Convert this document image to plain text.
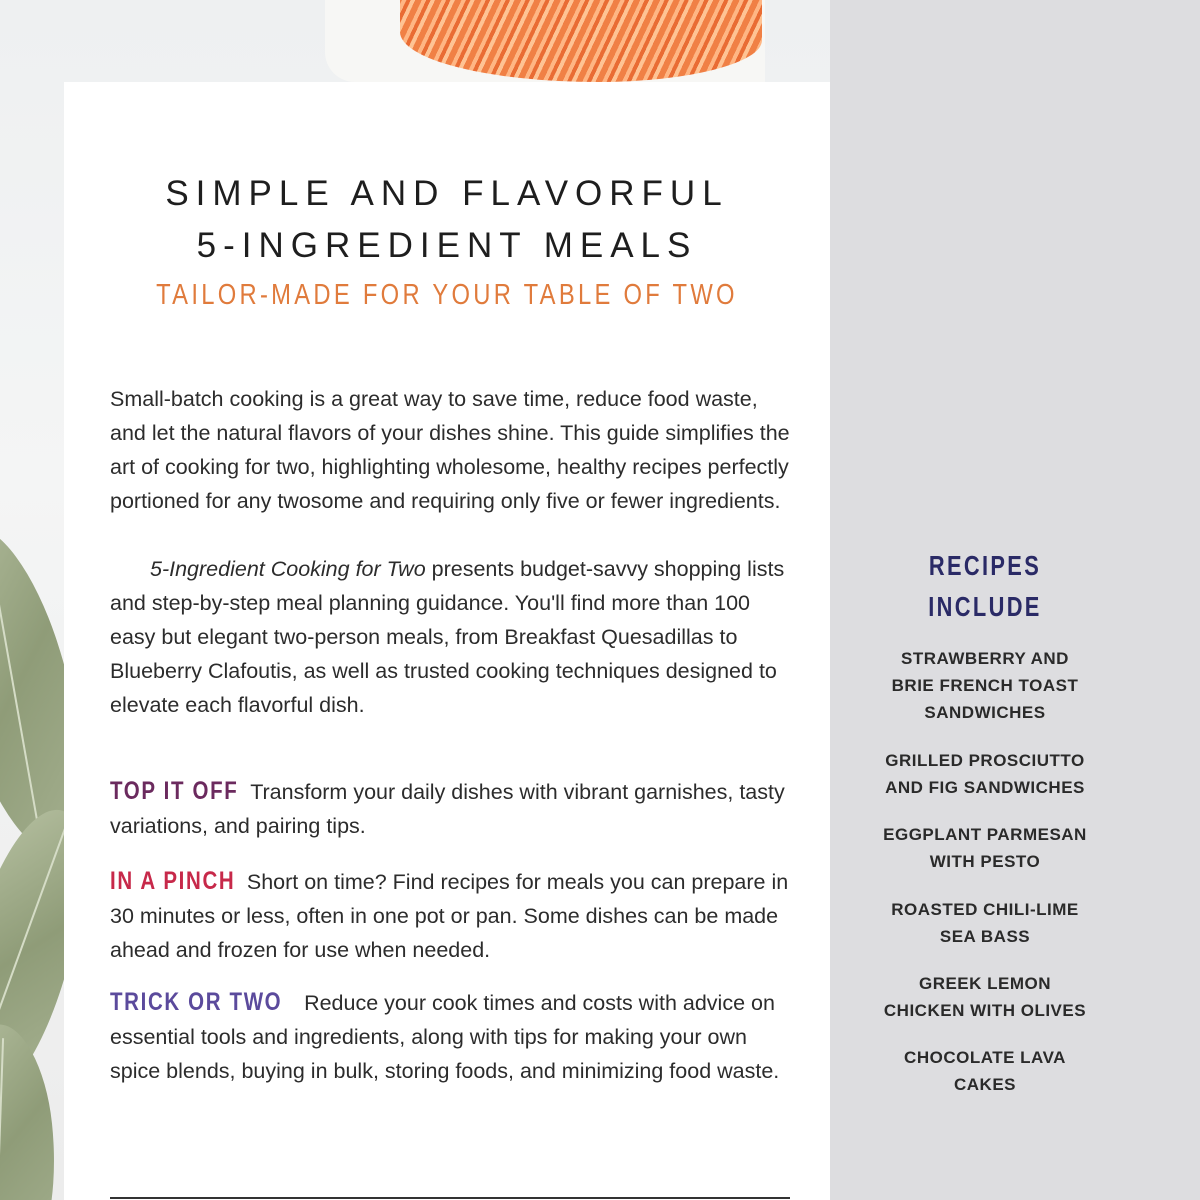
SIMPLE AND FLAVORFUL
5-INGREDIENT MEALS
TAILOR-MADE FOR YOUR TABLE OF TWO
Small-batch cooking is a great way to save time, reduce food waste, and let the natural flavors of your dishes shine. This guide simplifies the art of cooking for two, highlighting wholesome, healthy recipes perfectly portioned for any twosome and requiring only five or fewer ingredients.
5-Ingredient Cooking for Two presents budget-savvy shopping lists and step-by-step meal planning guidance. You'll find more than 100 easy but elegant two-person meals, from Breakfast Quesadillas to Blueberry Clafoutis, as well as trusted cooking techniques designed to elevate each flavorful dish.
TOP IT OFF Transform your daily dishes with vibrant garnishes, tasty variations, and pairing tips.
IN A PINCH Short on time? Find recipes for meals you can prepare in 30 minutes or less, often in one pot or pan. Some dishes can be made ahead and frozen for use when needed.
TRICK OR TWO Reduce your cook times and costs with advice on essential tools and ingredients, along with tips for making your own spice blends, buying in bulk, storing foods, and minimizing food waste.
RECIPES
INCLUDE
STRAWBERRY AND
BRIE FRENCH TOAST
SANDWICHES
GRILLED PROSCIUTTO
AND FIG SANDWICHES
EGGPLANT PARMESAN
WITH PESTO
ROASTED CHILI-LIME
SEA BASS
GREEK LEMON
CHICKEN WITH OLIVES
CHOCOLATE LAVA
CAKES
